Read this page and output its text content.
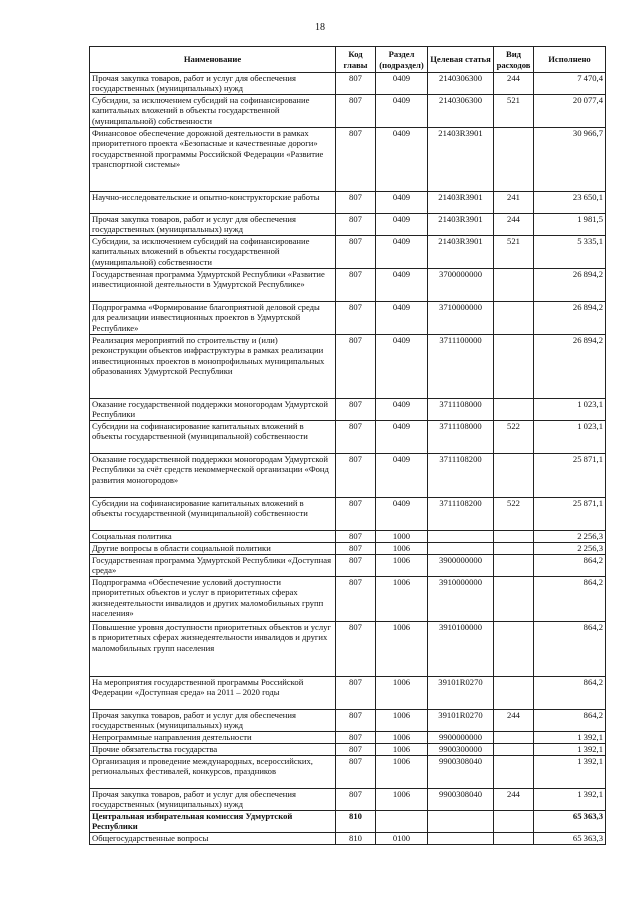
18
Наименование	Код главы	Раздел (подраздел)	Целевая статья	Вид расходов	Исполнено
Прочая закупка товаров, работ и услуг для обеспечения государственных (муниципальных) нужд	807	0409	2140306300	244	7 470,4
Субсидии, за исключением субсидий на софинансирование капитальных вложений в объекты государственной (муниципальной) собственности	807	0409	2140306300	521	20 077,4
Финансовое обеспечение дорожной деятельности в рамках приоритетного проекта «Безопасные и качественные дороги» государственной программы Российской Федерации «Развитие транспортной системы»	807	0409	21403R3901		30 966,7
Научно-исследовательские и опытно-конструкторские работы	807	0409	21403R3901	241	23 650,1
Прочая закупка товаров, работ и услуг для обеспечения государственных (муниципальных) нужд	807	0409	21403R3901	244	1 981,5
Субсидии, за исключением субсидий на софинансирование капитальных вложений в объекты государственной (муниципальной) собственности	807	0409	21403R3901	521	5 335,1
Государственная программа Удмуртской Республики «Развитие инвестиционной деятельности в Удмуртской Республике»	807	0409	3700000000		26 894,2
Подпрограмма «Формирование благоприятной деловой среды для реализации инвестиционных проектов в Удмуртской Республике»	807	0409	3710000000		26 894,2
Реализация мероприятий по строительству и (или) реконструкции объектов инфраструктуры в рамках реализации инвестиционных проектов в монопрофильных муниципальных образованиях Удмуртской Республики	807	0409	3711100000		26 894,2
Оказание государственной поддержки моногородам Удмуртской Республики	807	0409	3711108000		1 023,1
Субсидии на софинансирование капитальных вложений в объекты государственной (муниципальной) собственности	807	0409	3711108000	522	1 023,1
Оказание государственной поддержки моногородам Удмуртской Республики за счёт средств некоммерческой организации «Фонд развития моногородов»	807	0409	3711108200		25 871,1
Субсидии на софинансирование капитальных вложений в объекты государственной (муниципальной) собственности	807	0409	3711108200	522	25 871,1
Социальная политика	807	1000			2 256,3
Другие вопросы в области социальной политики	807	1006			2 256,3
Государственная программа Удмуртской Республики «Доступная среда»	807	1006	3900000000		864,2
Подпрограмма «Обеспечение условий доступности приоритетных объектов и услуг в приоритетных сферах жизнедеятельности инвалидов и других маломобильных групп населения»	807	1006	3910000000		864,2
Повышение уровня доступности приоритетных объектов и услуг в приоритетных сферах жизнедеятельности инвалидов и других маломобильных групп населения	807	1006	3910100000		864,2
На мероприятия государственной программы Российской Федерации «Доступная среда» на 2011 – 2020 годы	807	1006	39101R0270		864,2
Прочая закупка товаров, работ и услуг для обеспечения государственных (муниципальных) нужд	807	1006	39101R0270	244	864,2
Непрограммные направления деятельности	807	1006	9900000000		1 392,1
Прочие обязательства государства	807	1006	9900300000		1 392,1
Организация и проведение международных, всероссийских, региональных фестивалей, конкурсов, праздников	807	1006	9900308040		1 392,1
Прочая закупка товаров, работ и услуг для обеспечения государственных (муниципальных) нужд	807	1006	9900308040	244	1 392,1
Центральная избирательная комиссия Удмуртской Республики	810				65 363,3
Общегосударственные вопросы	810	0100			65 363,3
